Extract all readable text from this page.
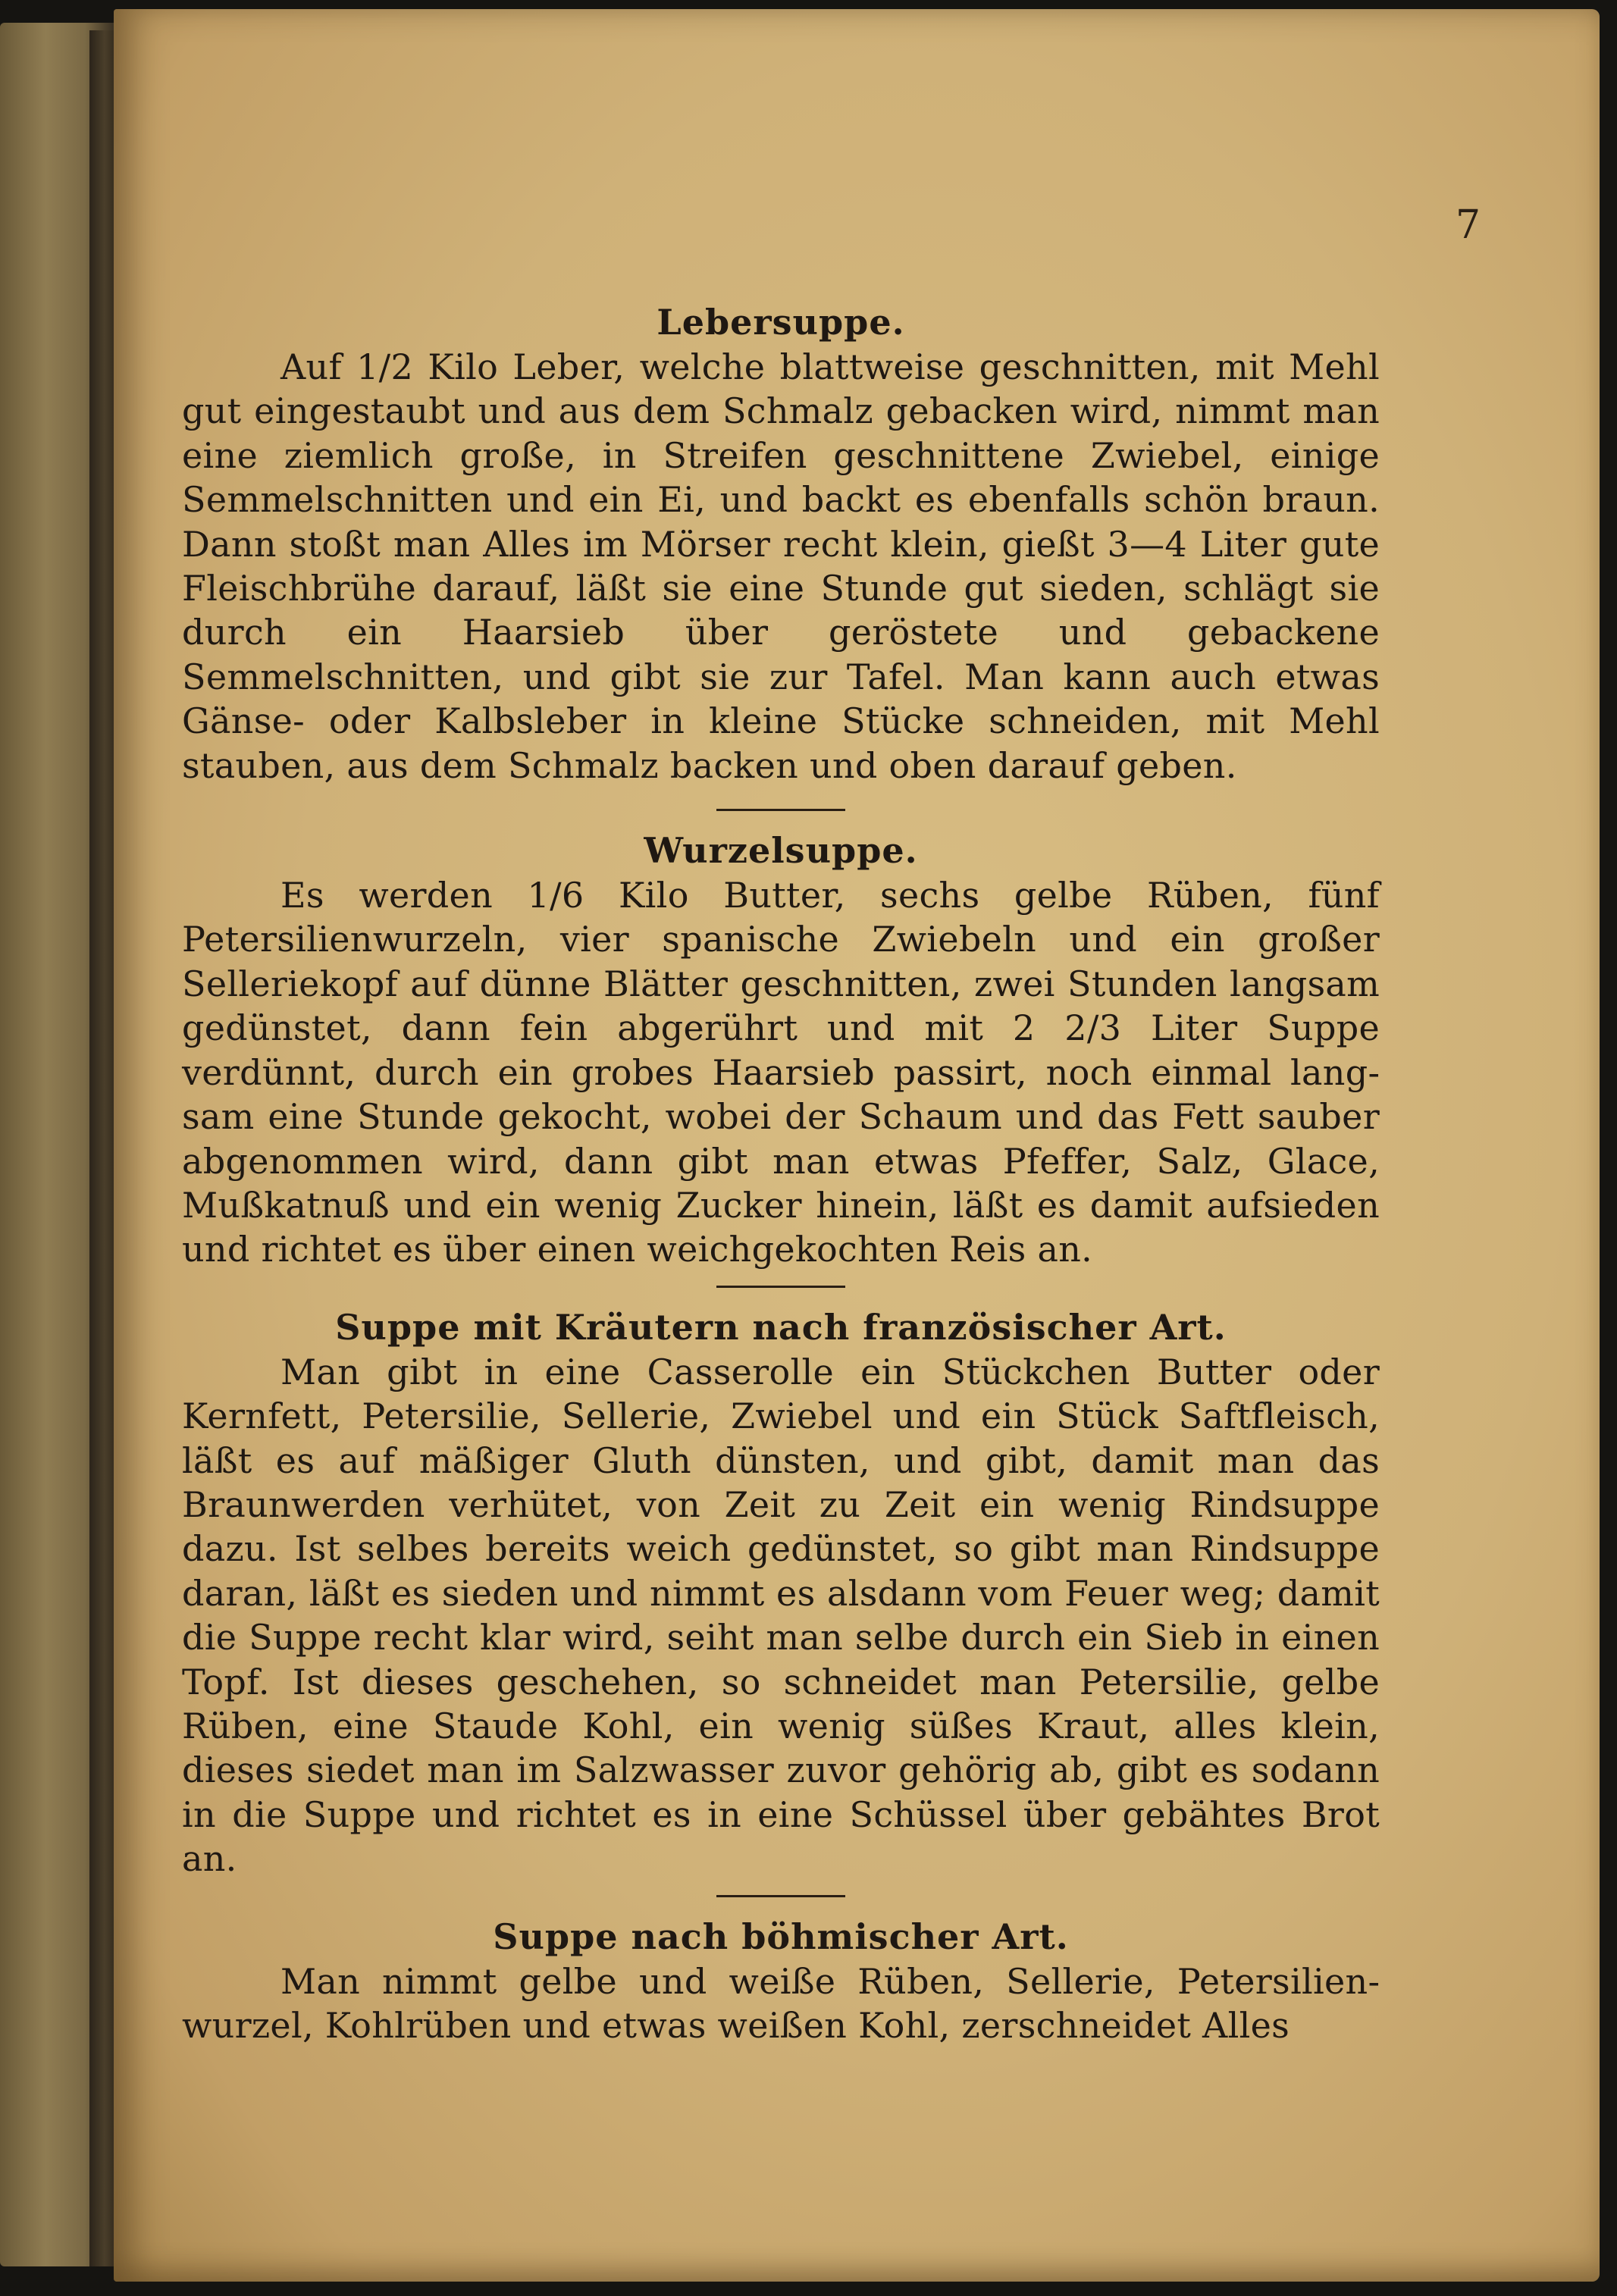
7
Lebersuppe.

Auf 1/2 Kilo Leber, welche blattweise geschnitten, mit Mehl gut eingestaubt und aus dem Schmalz gebacken wird, nimmt man eine ziemlich große, in Streifen geschnittene Zwiebel, einige Semmelschnitten und ein Ei, und backt es ebenfalls schön braun. Dann stoßt man Alles im Mörser recht klein, gießt 3—4 Liter gute Fleischbrühe darauf, läßt sie eine Stunde gut sieden, schlägt sie durch ein Haarsieb über geröstete und gebackene Semmelschnitten, und gibt sie zur Tafel. Man kann auch etwas Gänse- oder Kalbsleber in kleine Stücke schneiden, mit Mehl stauben, aus dem Schmalz backen und oben darauf geben.

Wurzelsuppe.

Es werden 1/6 Kilo Butter, sechs gelbe Rüben, fünf Petersilienwurzeln, vier spanische Zwiebeln und ein großer Selleriekopf auf dünne Blätter geschnitten, zwei Stunden langsam gedünstet, dann fein abgerührt und mit 2 2/3 Liter Suppe verdünnt, durch ein grobes Haarsieb passirt, noch einmal langsam eine Stunde gekocht, wobei der Schaum und das Fett sauber abgenommen wird, dann gibt man etwas Pfeffer, Salz, Glace, Mußkatnuß und ein wenig Zucker hinein, läßt es damit aufsieden und richtet es über einen weichgekochten Reis an.

Suppe mit Kräutern nach französischer Art.

Man gibt in eine Casserolle ein Stückchen Butter oder Kernfett, Petersilie, Sellerie, Zwiebel und ein Stück Saftfleisch, läßt es auf mäßiger Gluth dünsten, und gibt, damit man das Braunwerden verhütet, von Zeit zu Zeit ein wenig Rindsuppe dazu. Ist selbes bereits weich gedünstet, so gibt man Rindsuppe daran, läßt es sieden und nimmt es alsdann vom Feuer weg; damit die Suppe recht klar wird, seiht man selbe durch ein Sieb in einen Topf. Ist dieses geschehen, so schneidet man Petersilie, gelbe Rüben, eine Staude Kohl, ein wenig süßes Kraut, alles klein, dieses siedet man im Salzwasser zuvor gehörig ab, gibt es sodann in die Suppe und richtet es in eine Schüssel über gebähtes Brot an.

Suppe nach böhmischer Art.

Man nimmt gelbe und weiße Rüben, Sellerie, Petersilienwurzel, Kohlrüben und etwas weißen Kohl, zerschneidet Alles
